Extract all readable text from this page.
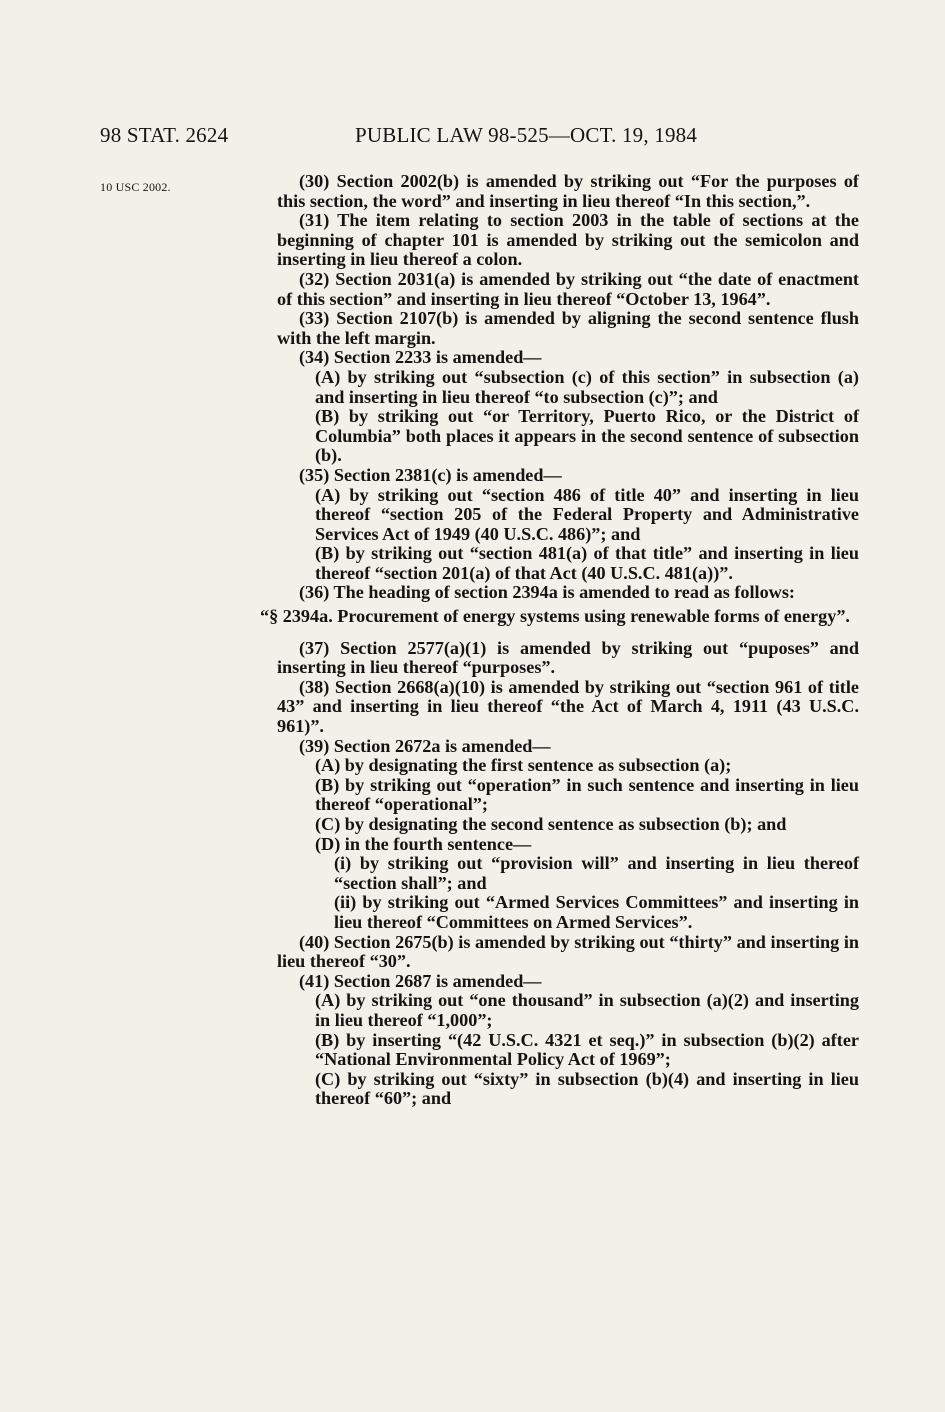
98 STAT. 2624	PUBLIC LAW 98-525—OCT. 19, 1984
10 USC 2002.	(30) Section 2002(b) is amended by striking out “For the purposes of this section, the word” and inserting in lieu thereof “In this section,”.

(31) The item relating to section 2003 in the table of sections at the beginning of chapter 101 is amended by striking out the semicolon and inserting in lieu thereof a colon.

(32) Section 2031(a) is amended by striking out “the date of enactment of this section” and inserting in lieu thereof “October 13, 1964”.

(33) Section 2107(b) is amended by aligning the second sentence flush with the left margin.

(34) Section 2233 is amended—

(A) by striking out “subsection (c) of this section” in subsection (a) and inserting in lieu thereof “to subsection (c)”; and

(B) by striking out “or Territory, Puerto Rico, or the District of Columbia” both places it appears in the second sentence of subsection (b).

(35) Section 2381(c) is amended—

(A) by striking out “section 486 of title 40” and inserting in lieu thereof “section 205 of the Federal Property and Administrative Services Act of 1949 (40 U.S.C. 486)”; and

(B) by striking out “section 481(a) of that title” and inserting in lieu thereof “section 201(a) of that Act (40 U.S.C. 481(a))”.

(36) The heading of section 2394a is amended to read as follows:

“§ 2394a. Procurement of energy systems using renewable forms of energy”.

(37) Section 2577(a)(1) is amended by striking out “puposes” and inserting in lieu thereof “purposes”.

(38) Section 2668(a)(10) is amended by striking out “section 961 of title 43” and inserting in lieu thereof “the Act of March 4, 1911 (43 U.S.C. 961)”.

(39) Section 2672a is amended—

(A) by designating the first sentence as subsection (a);

(B) by striking out “operation” in such sentence and inserting in lieu thereof “operational”;

(C) by designating the second sentence as subsection (b); and

(D) in the fourth sentence—

(i) by striking out “provision will” and inserting in lieu thereof “section shall”; and

(ii) by striking out “Armed Services Committees” and inserting in lieu thereof “Committees on Armed Services”.

(40) Section 2675(b) is amended by striking out “thirty” and inserting in lieu thereof “30”.

(41) Section 2687 is amended—

(A) by striking out “one thousand” in subsection (a)(2) and inserting in lieu thereof “1,000”;

(B) by inserting “(42 U.S.C. 4321 et seq.)” in subsection (b)(2) after “National Environmental Policy Act of 1969”;

(C) by striking out “sixty” in subsection (b)(4) and inserting in lieu thereof “60”; and
